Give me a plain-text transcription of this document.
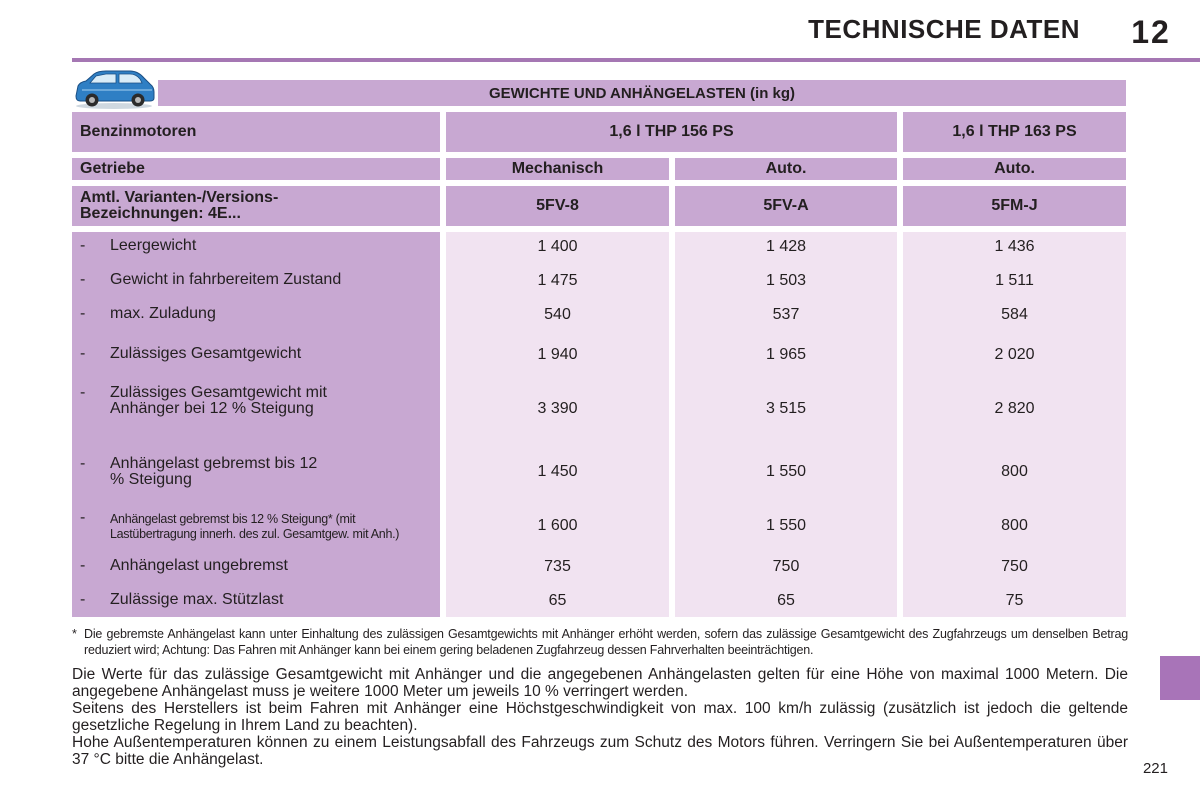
TECHNISCHE DATEN	12
GEWICHTE UND ANHÄNGELASTEN (in kg)
Benzinmotoren	1,6 l THP 156 PS	1,6 l THP 163 PS
Getriebe	Mechanisch	Auto.	Auto.
Amtl. Varianten-/Versions-Bezeichnungen: 4E...	5FV-8	5FV-A	5FM-J
- Leergewicht	1 400	1 428	1 436
- Gewicht in fahrbereitem Zustand	1 475	1 503	1 511
- max. Zuladung	540	537	584
- Zulässiges Gesamtgewicht	1 940	1 965	2 020
- Zulässiges Gesamtgewicht mit Anhänger bei 12 % Steigung	3 390	3 515	2 820
- Anhängelast gebremst bis 12 % Steigung	1 450	1 550	800
- Anhängelast gebremst bis 12 % Steigung* (mit Lastübertragung innerh. des zul. Gesamtgew. mit Anh.)	1 600	1 550	800
- Anhängelast ungebremst	735	750	750
- Zulässige max. Stützlast	65	65	75
* Die gebremste Anhängelast kann unter Einhaltung des zulässigen Gesamtgewichts mit Anhänger erhöht werden, sofern das zulässige Gesamtgewicht des Zugfahrzeugs um denselben Betrag reduziert wird; Achtung: Das Fahren mit Anhänger kann bei einem gering beladenen Zugfahrzeug dessen Fahrverhalten beeinträchtigen.

Die Werte für das zulässige Gesamtgewicht mit Anhänger und die angegebenen Anhängelasten gelten für eine Höhe von maximal 1000 Metern. Die angegebene Anhängelast muss je weitere 1000 Meter um jeweils 10 % verringert werden.

Seitens des Herstellers ist beim Fahren mit Anhänger eine Höchstgeschwindigkeit von max. 100 km/h zulässig (zusätzlich ist jedoch die geltende gesetzliche Regelung in Ihrem Land zu beachten).

Hohe Außentemperaturen können zu einem Leistungsabfall des Fahrzeugs zum Schutz des Motors führen. Verringern Sie bei Außentemperaturen über 37 °C bitte die Anhängelast.

221
